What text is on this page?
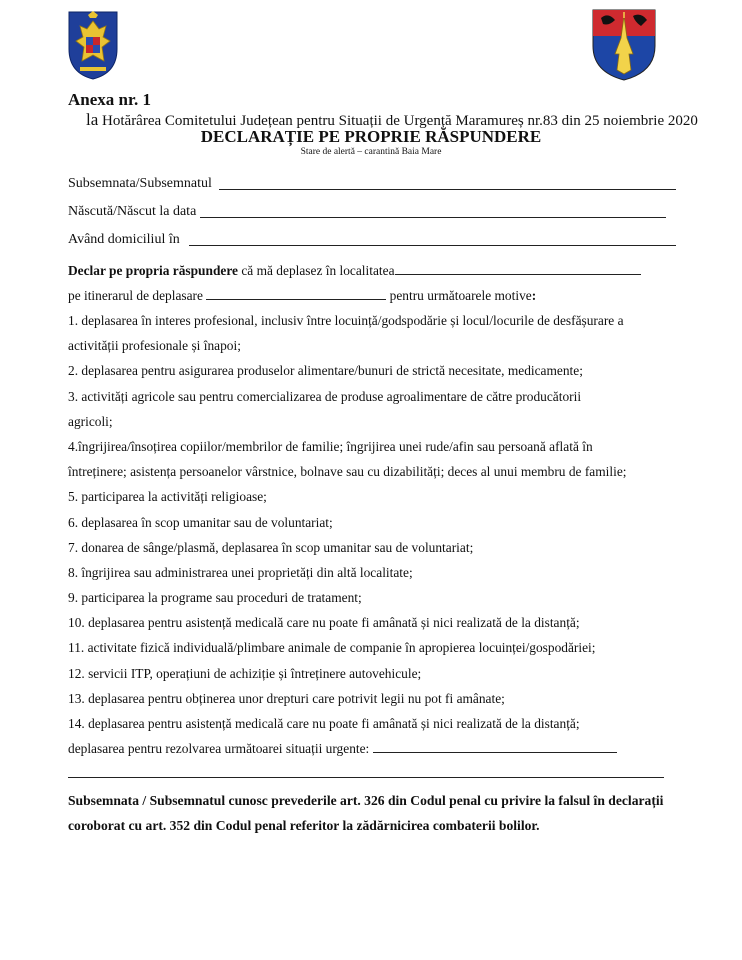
Anexa nr. 1
la Hotărârea Comitetului Județean pentru Situații de Urgență Maramureș nr.83 din 25 noiembrie 2020
DECLARAȚIE PE PROPRIE RĂSPUNDERE
Stare de alertă – carantină Baia Mare
Subsemnata/Subsemnatul
Născută/Născut la data
Având domiciliul în
Declar pe propria răspundere că mă deplasez în localitatea
pe itinerarul de deplasare	pentru următoarele motive:
1. deplasarea în interes profesional, inclusiv între locuință/godspodărie și locul/locurile de desfășurare a
activității profesionale și înapoi;
2. deplasarea pentru asigurarea produselor alimentare/bunuri de strictă necesitate, medicamente;
3. activități agricole sau pentru comercializarea de produse agroalimentare de către producătorii
agricoli;
4.îngrijirea/însoțirea copiilor/membrilor de familie; îngrijirea unei rude/afin sau persoană aflată în
întreținere; asistența persoanelor vârstnice, bolnave sau cu dizabilități; deces al unui membru de familie;
5. participarea la activități religioase;
6. deplasarea în scop umanitar sau de voluntariat;
7. donarea de sânge/plasmă, deplasarea în scop umanitar sau de voluntariat;
8. îngrijirea sau administrarea unei proprietăți din altă localitate;
9. participarea la programe sau proceduri de tratament;
10. deplasarea pentru asistență medicală care nu poate fi amânată și nici realizată de la distanță;
11. activitate fizică individuală/plimbare animale de companie în apropierea locuinței/gospodăriei;
12. servicii ITP, operațiuni de achiziție și întreținere autovehicule;
13. deplasarea pentru obținerea unor drepturi care potrivit legii nu pot fi amânate;
14. deplasarea pentru asistență medicală care nu poate fi amânată și nici realizată de la distanță;
deplasarea pentru rezolvarea următoarei situații urgente:
Subsemnata / Subsemnatul cunosc prevederile art. 326 din Codul penal cu privire la falsul în declarații coroborat cu art. 352 din Codul penal referitor la zădărnicirea combaterii bolilor.
